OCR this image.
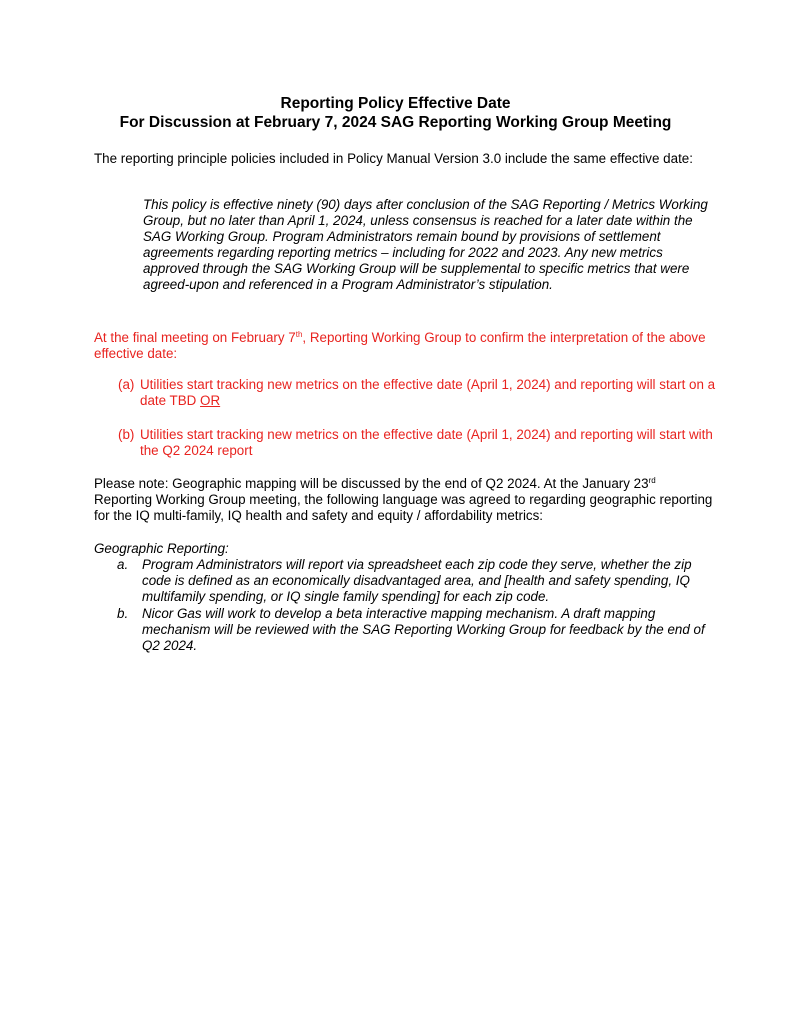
Reporting Policy Effective Date
For Discussion at February 7, 2024 SAG Reporting Working Group Meeting

The reporting principle policies included in Policy Manual Version 3.0 include the same effective date:

This policy is effective ninety (90) days after conclusion of the SAG Reporting / Metrics Working Group, but no later than April 1, 2024, unless consensus is reached for a later date within the SAG Working Group. Program Administrators remain bound by provisions of settlement agreements regarding reporting metrics – including for 2022 and 2023. Any new metrics approved through the SAG Working Group will be supplemental to specific metrics that were agreed-upon and referenced in a Program Administrator’s stipulation.

At the final meeting on February 7th, Reporting Working Group to confirm the interpretation of the above effective date:

(a) Utilities start tracking new metrics on the effective date (April 1, 2024) and reporting will start on a date TBD OR
(b) Utilities start tracking new metrics on the effective date (April 1, 2024) and reporting will start with the Q2 2024 report

Please note: Geographic mapping will be discussed by the end of Q2 2024. At the January 23rd Reporting Working Group meeting, the following language was agreed to regarding geographic reporting for the IQ multi-family, IQ health and safety and equity / affordability metrics:

Geographic Reporting:

a. Program Administrators will report via spreadsheet each zip code they serve, whether the zip code is defined as an economically disadvantaged area, and [health and safety spending, IQ multifamily spending, or IQ single family spending] for each zip code.
b. Nicor Gas will work to develop a beta interactive mapping mechanism. A draft mapping mechanism will be reviewed with the SAG Reporting Working Group for feedback by the end of Q2 2024.
